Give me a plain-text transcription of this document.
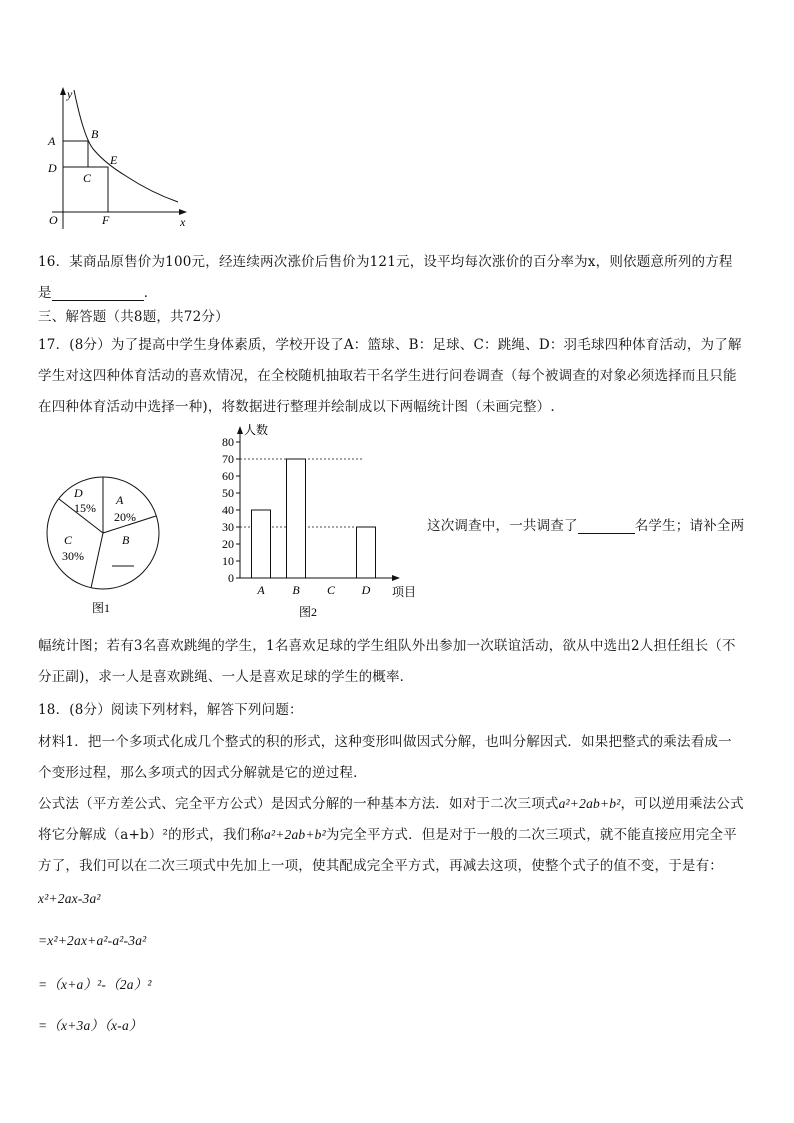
y
A	B
D
E
C
O	F	x
16．某商品原售价为100元，经连续两次涨价后售价为121元，设平均每次涨价的百分率为x，则依题意所列的方程
是	．
三、解答题（共8题，共72分）
17．(8分）为了提高中学生身体素质，学校开设了A：篮球、B：足球、C：跳绳、D：羽毛球四种体育活动，为了解
学生对这四种体育活动的喜欢情况，在全校随机抽取若干名学生进行问卷调查（每个被调查的对象必须选择而且只能
在四种体育活动中选择一种)，将数据进行整理并绘制成以下两幅统计图（未画完整）.
D
15%
A
20%
B
C
30%
图1
人数
0
10
20
30
40
50
60
70
80
A B C D 项目
图2
这次调查中，一共调查了	名学生；请补全两
幅统计图；若有3名喜欢跳绳的学生，1名喜欢足球的学生组队外出参加一次联谊活动，欲从中选出2人担任组长（不
分正副)，求一人是喜欢跳绳、一人是喜欢足球的学生的概率．
18．(8分）阅读下列材料，解答下列问题：
材料1．把一个多项式化成几个整式的积的形式，这种变形叫做因式分解，也叫分解因式．如果把整式的乘法看成一
个变形过程，那么多项式的因式分解就是它的逆过程．
公式法（平方差公式、完全平方公式）是因式分解的一种基本方法．如对于二次三项式a²+2ab+b²，可以逆用乘法公式
将它分解成（a+b）²的形式，我们称a²+2ab+b²为完全平方式．但是对于一般的二次三项式，就不能直接应用完全平
方了，我们可以在二次三项式中先加上一项，使其配成完全平方式，再减去这项，使整个式子的值不变，于是有：
x²+2ax-3a²
=x²+2ax+a²-a²-3a²
=（x+a）²-（2a）²
=（x+3a）（x-a）
